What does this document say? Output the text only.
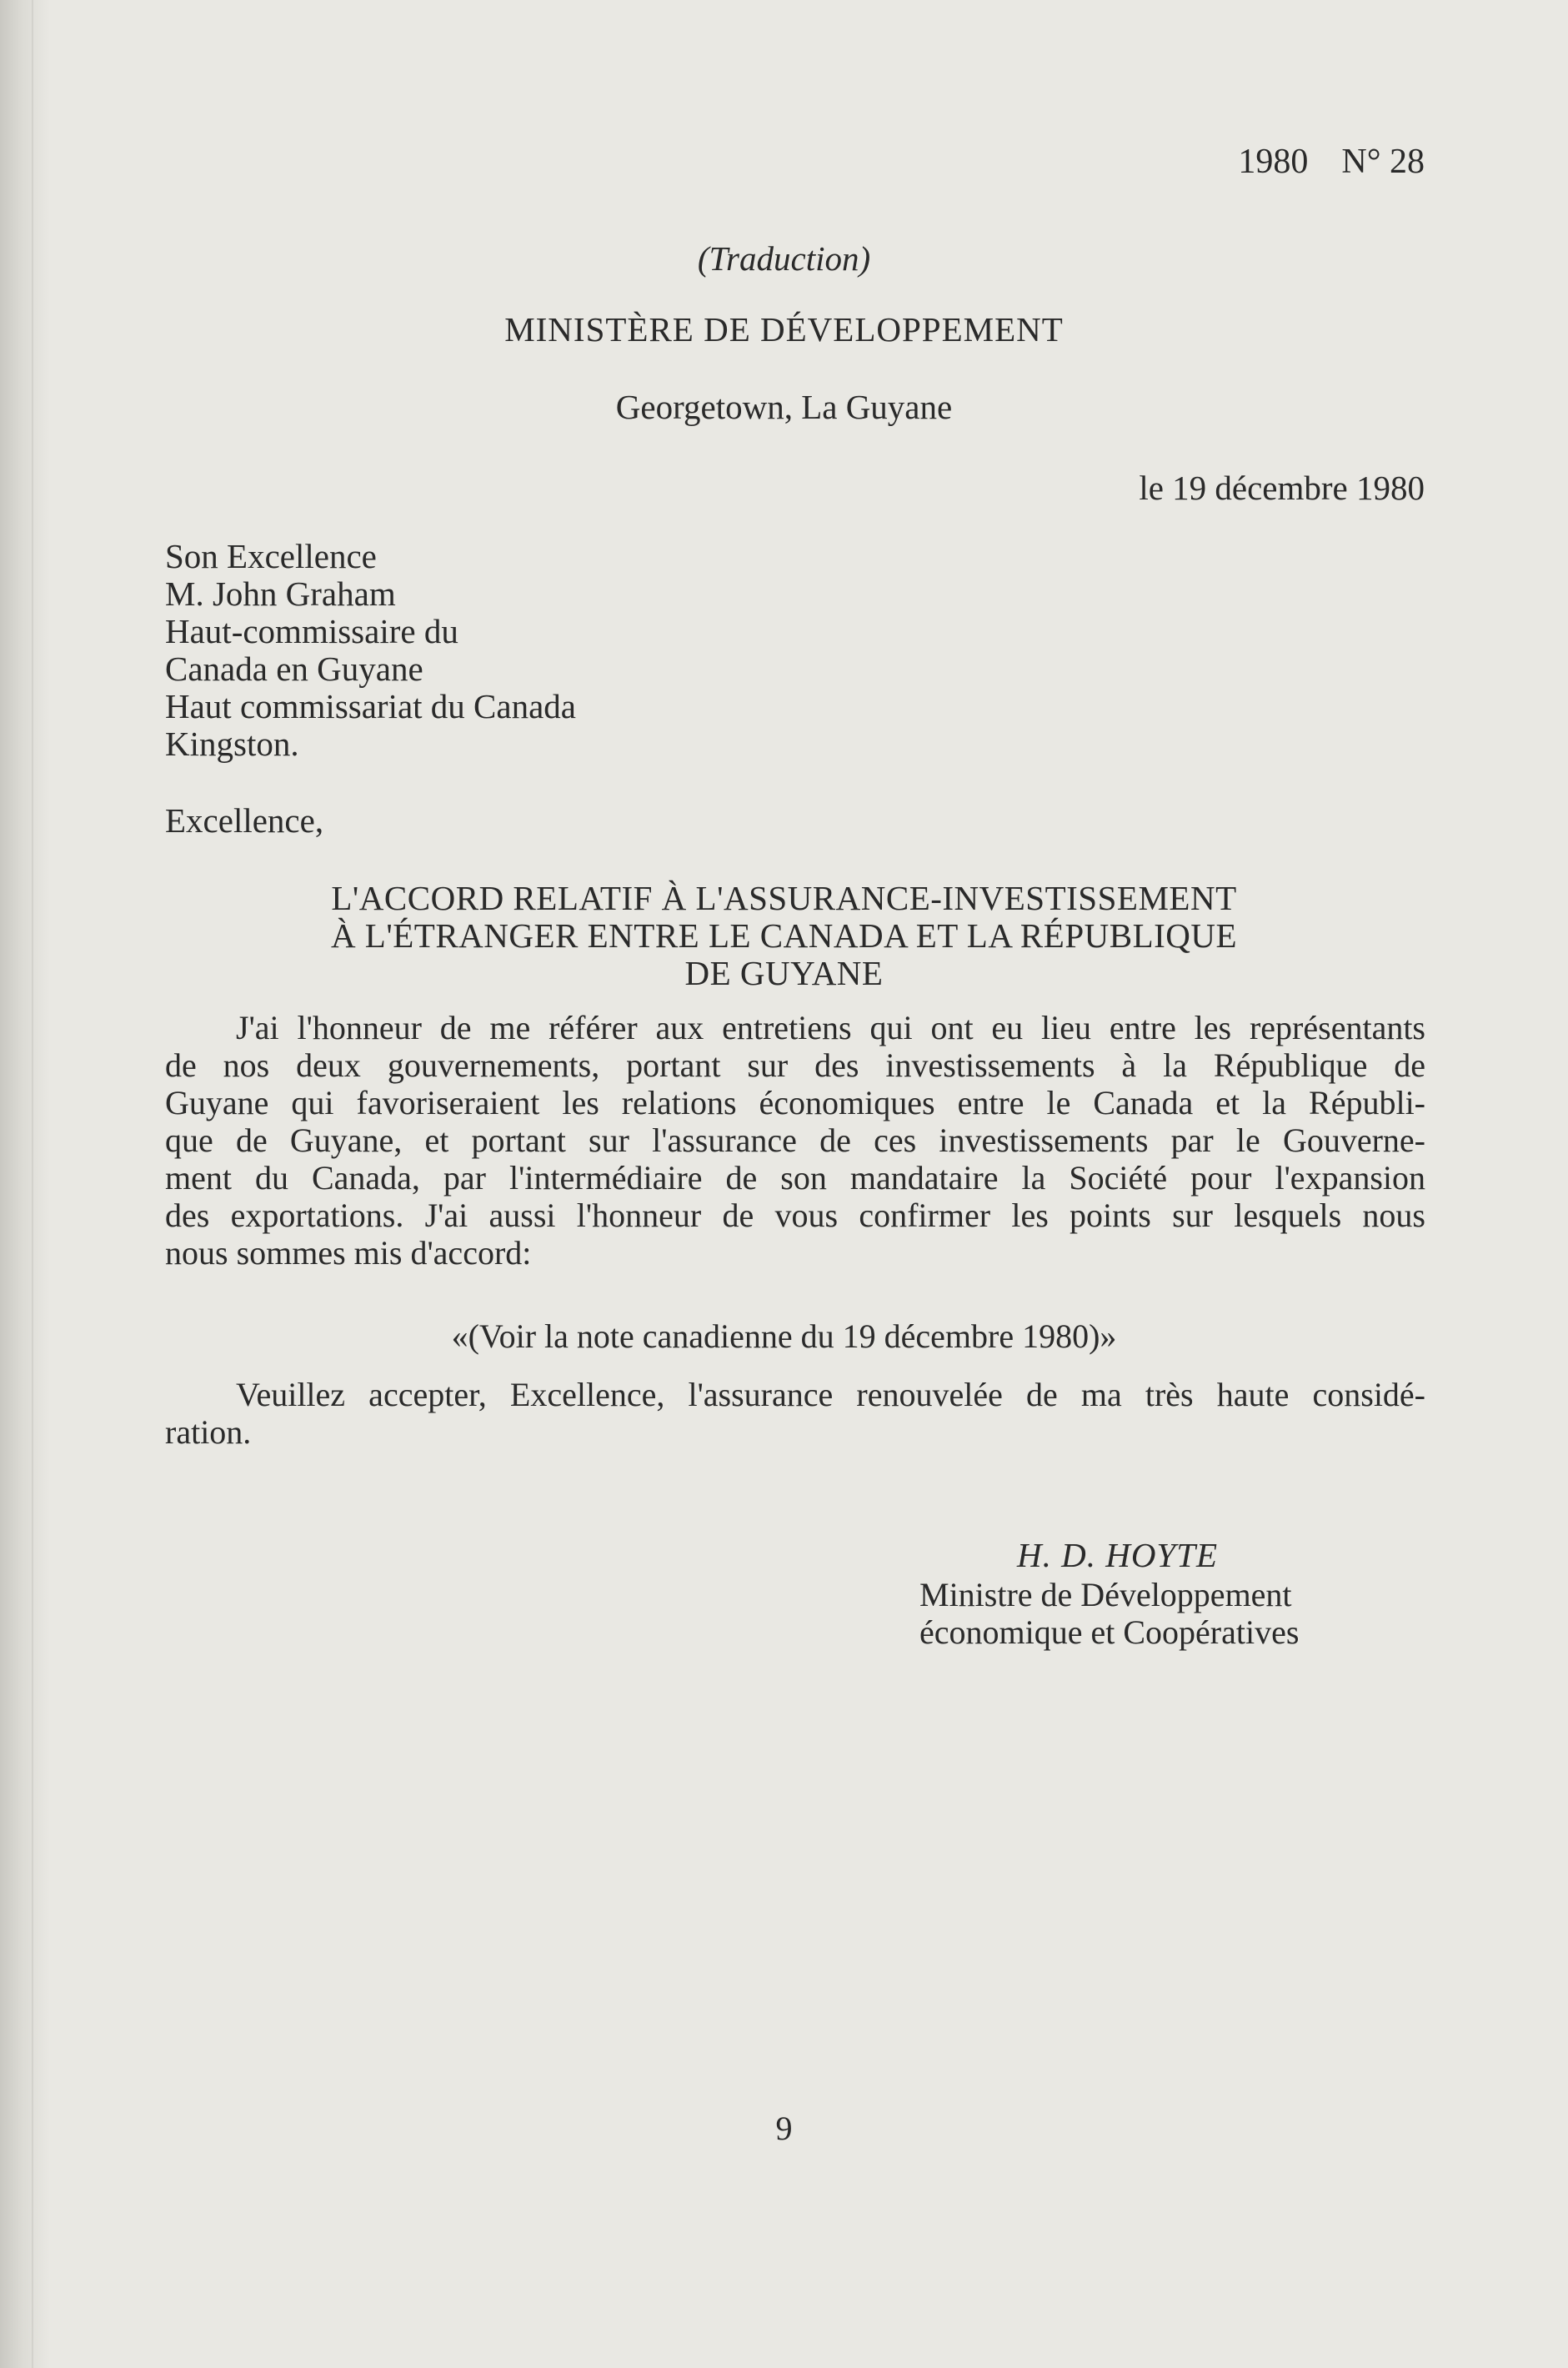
1980 N° 28

(Traduction)

MINISTÈRE DE DÉVELOPPEMENT

Georgetown, La Guyane

le 19 décembre 1980

Son Excellence
M. John Graham
Haut-commissaire du
Canada en Guyane
Haut commissariat du Canada
Kingston.

Excellence,

L'ACCORD RELATIF À L'ASSURANCE-INVESTISSEMENT
À L'ÉTRANGER ENTRE LE CANADA ET LA RÉPUBLIQUE
DE GUYANE
J'ai l'honneur de me référer aux entretiens qui ont eu lieu entre les représentants
de nos deux gouvernements, portant sur des investissements à la République de
Guyane qui favoriseraient les relations économiques entre le Canada et la Républi-
que de Guyane, et portant sur l'assurance de ces investissements par le Gouverne-
ment du Canada, par l'intermédiaire de son mandataire la Société pour l'expansion
des exportations. J'ai aussi l'honneur de vous confirmer les points sur lesquels nous
nous sommes mis d'accord:

«(Voir la note canadienne du 19 décembre 1980)»

Veuillez accepter, Excellence, l'assurance renouvelée de ma très haute considé-
ration.

H. D. HOYTE

Ministre de Développement
économique et Coopératives

9
